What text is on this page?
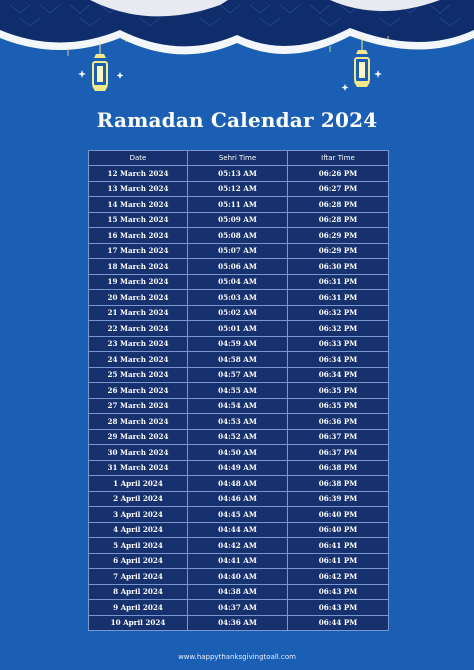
Ramadan Calendar 2024
Date	Sehri Time	Iftar Time
12 March 2024	05:13 AM	06:26 PM
13 March 2024	05:12 AM	06:27 PM
14 March 2024	05:11 AM	06:28 PM
15 March 2024	05:09 AM	06:28 PM
16 March 2024	05:08 AM	06:29 PM
17 March 2024	05:07 AM	06:29 PM
18 March 2024	05:06 AM	06:30 PM
19 March 2024	05:04 AM	06:31 PM
20 March 2024	05:03 AM	06:31 PM
21 March 2024	05:02 AM	06:32 PM
22 March 2024	05:01 AM	06:32 PM
23 March 2024	04:59 AM	06:33 PM
24 March 2024	04:58 AM	06:34 PM
25 March 2024	04:57 AM	06:34 PM
26 March 2024	04:55 AM	06:35 PM
27 March 2024	04:54 AM	06:35 PM
28 March 2024	04:53 AM	06:36 PM
29 March 2024	04:52 AM	06:37 PM
30 March 2024	04:50 AM	06:37 PM
31 March 2024	04:49 AM	06:38 PM
1 April 2024	04:48 AM	06:38 PM
2 April 2024	04:46 AM	06:39 PM
3 April 2024	04:45 AM	06:40 PM
4 April 2024	04:44 AM	06:40 PM
5 April 2024	04:42 AM	06:41 PM
6 April 2024	04:41 AM	06:41 PM
7 April 2024	04:40 AM	06:42 PM
8 April 2024	04:38 AM	06:43 PM
9 April 2024	04:37 AM	06:43 PM
10 April 2024	04:36 AM	06:44 PM
www.happythanksgivingtoall.com
